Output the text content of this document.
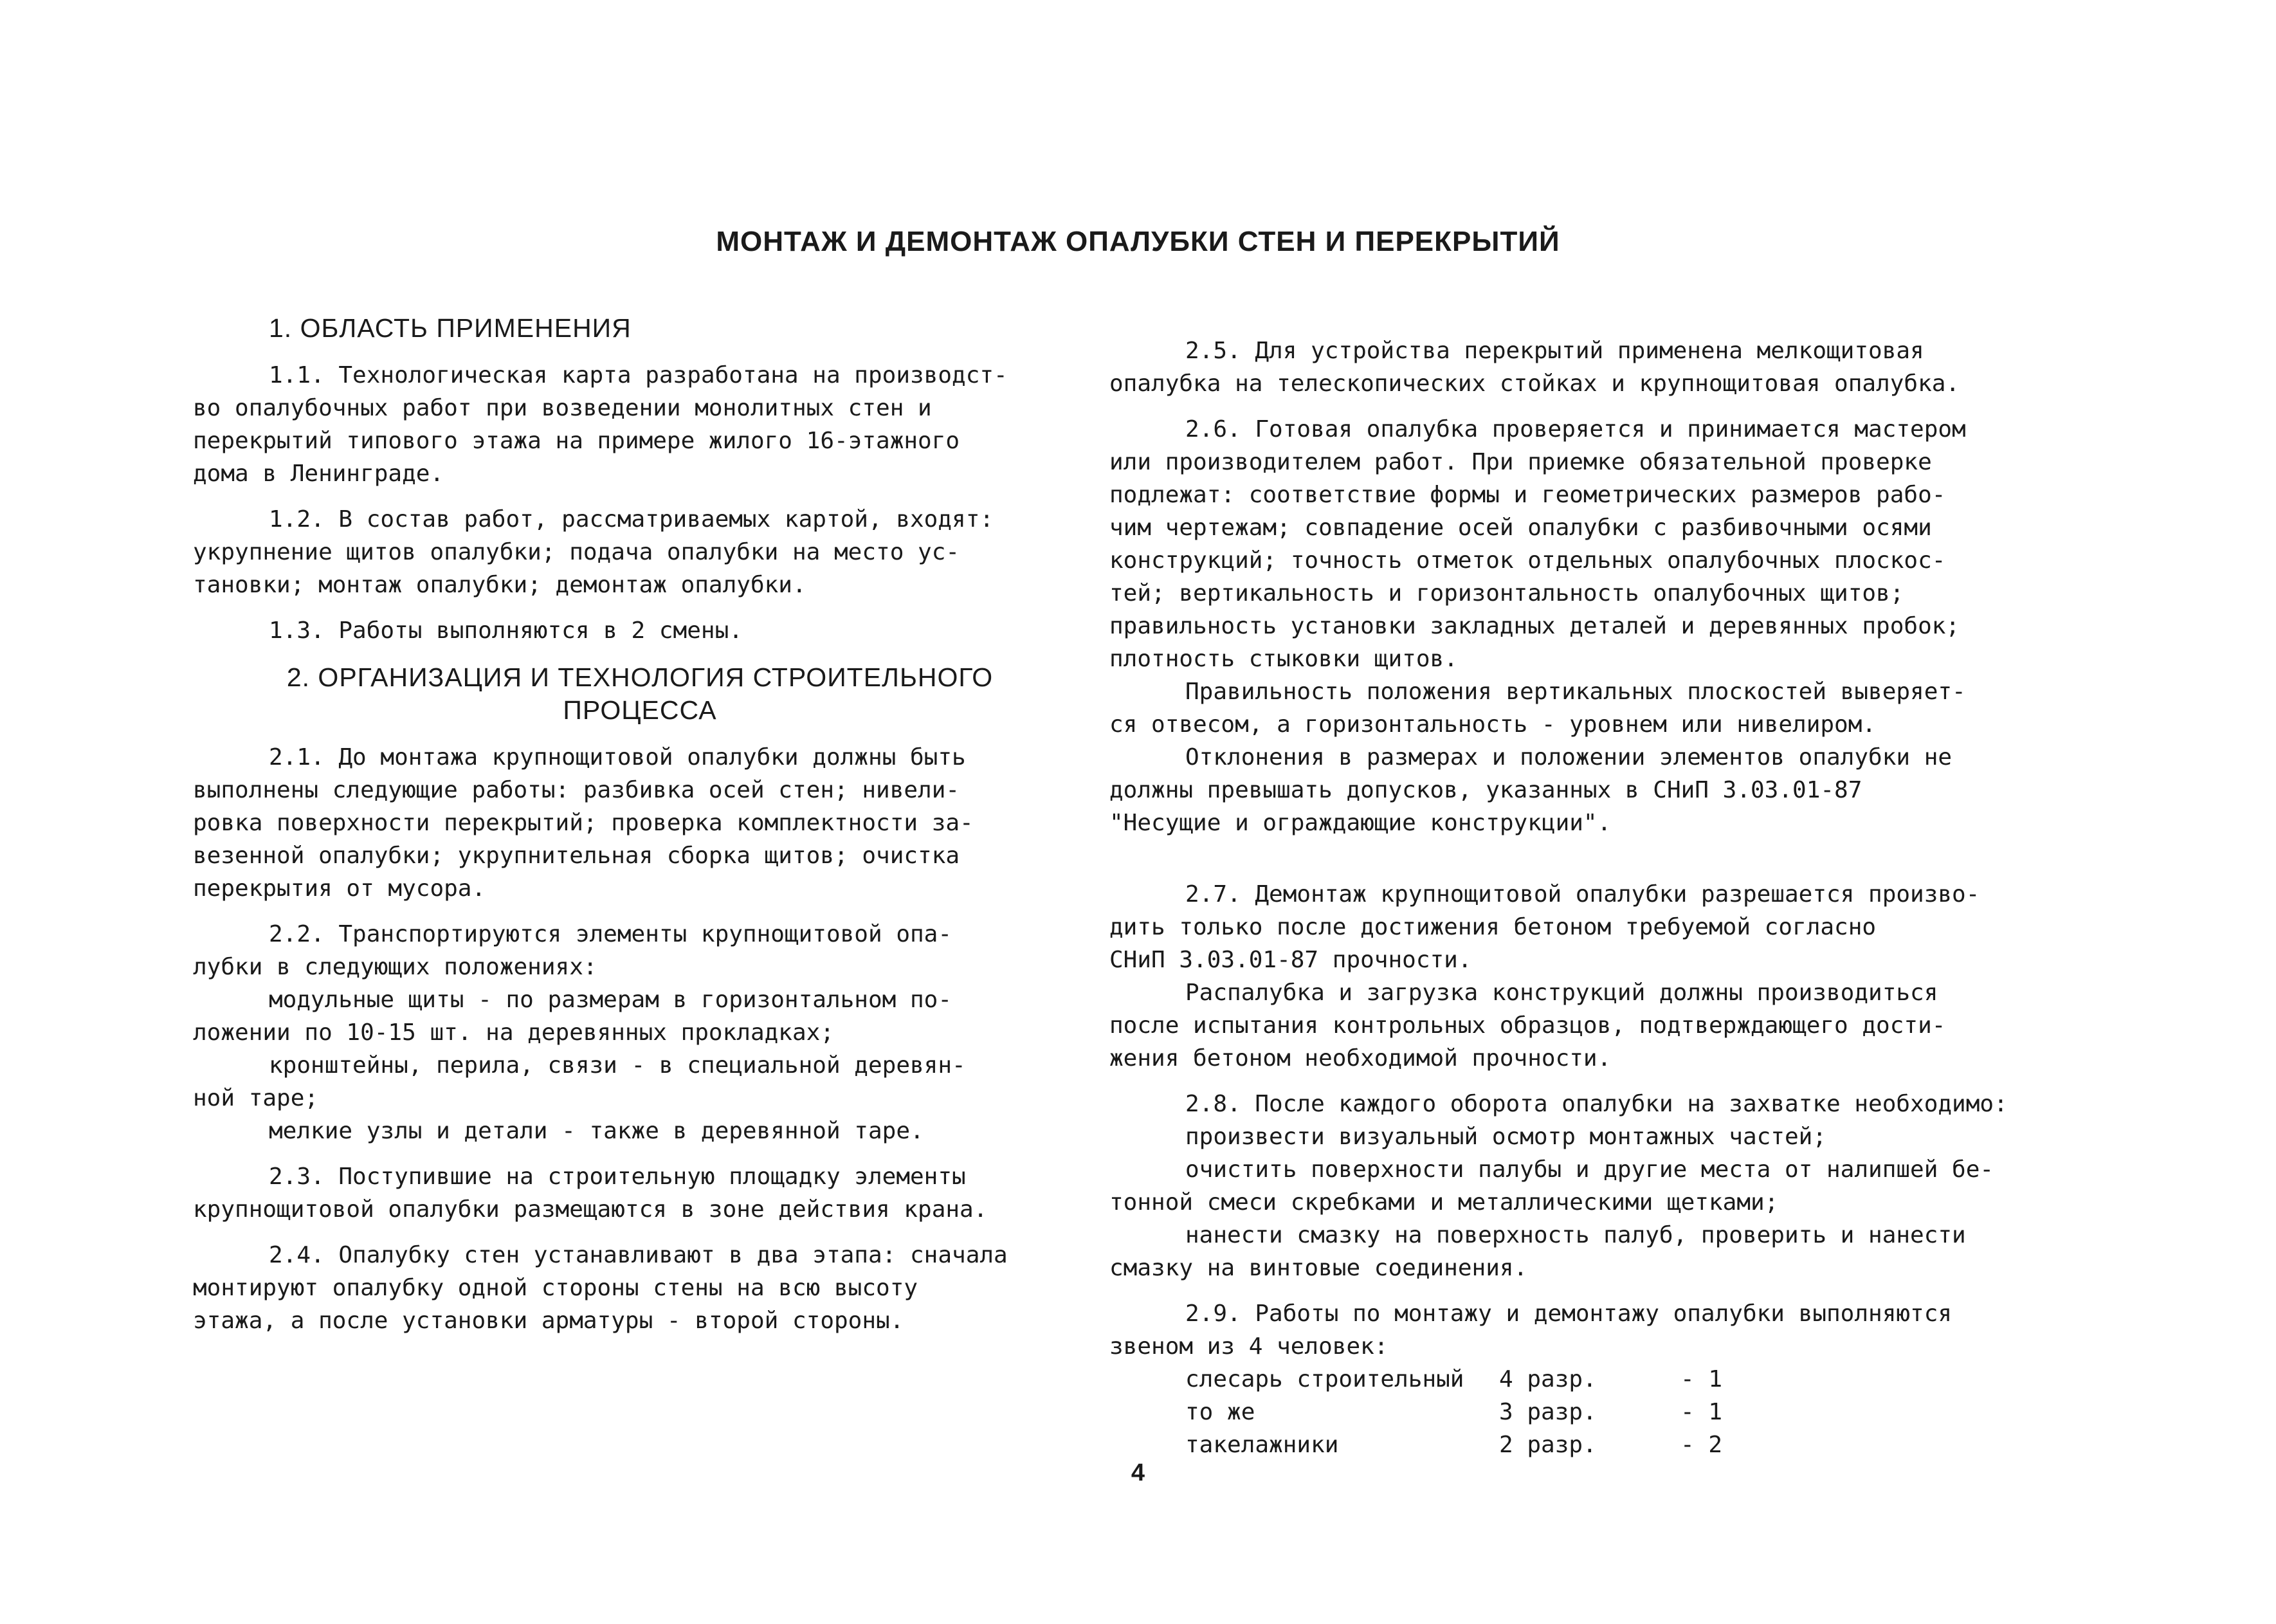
МОНТАЖ И ДЕМОНТАЖ ОПАЛУБКИ СТЕН И ПЕРЕКРЫТИЙ
1. ОБЛАСТЬ ПРИМЕНЕНИЯ

1.1. Технологическая карта разработана на производст-
во опалубочных работ при возведении монолитных стен и
перекрытий типового этажа на примере жилого 16-этажного
дома в Ленинграде.

1.2. В состав работ, рассматриваемых картой, входят:
укрупнение щитов опалубки; подача опалубки на место ус-
тановки; монтаж опалубки; демонтаж опалубки.

1.3. Работы выполняются в 2 смены.

2. ОРГАНИЗАЦИЯ И ТЕХНОЛОГИЯ СТРОИТЕЛЬНОГО
ПРОЦЕССА

2.1. До монтажа крупнощитовой опалубки должны быть
выполнены следующие работы: разбивка осей стен; нивели-
ровка поверхности перекрытий; проверка комплектности за-
везенной опалубки; укрупнительная сборка щитов; очистка
перекрытия от мусора.

2.2. Транспортируются элементы крупнощитовой опа-
лубки в следующих положениях:
модульные щиты - по размерам в горизонтальном по-
ложении по 10-15 шт. на деревянных прокладках;
кронштейны, перила, связи - в специальной деревян-
ной таре;
мелкие узлы и детали - также в деревянной таре.

2.3. Поступившие на строительную площадку элементы
крупнощитовой опалубки размещаются в зоне действия крана.

2.4. Опалубку стен устанавливают в два этапа: сначала
монтируют опалубку одной стороны стены на всю высоту
этажа, а после установки арматуры - второй стороны.

2.5. Для устройства перекрытий применена мелкощитовая
опалубка на телескопических стойках и крупнощитовая опалубка.

2.6. Готовая опалубка проверяется и принимается мастером
или производителем работ. При приемке обязательной проверке
подлежат: соответствие формы и геометрических размеров рабо-
чим чертежам; совпадение осей опалубки с разбивочными осями
конструкций; точность отметок отдельных опалубочных плоскос-
тей; вертикальность и горизонтальность опалубочных щитов;
правильность установки закладных деталей и деревянных пробок;
плотность стыковки щитов.
Правильность положения вертикальных плоскостей выверяет-
ся отвесом, а горизонтальность - уровнем или нивелиром.
Отклонения в размерах и положении элементов опалубки не
должны превышать допусков, указанных в СНиП 3.03.01-87
"Несущие и ограждающие конструкции".

2.7. Демонтаж крупнощитовой опалубки разрешается произво-
дить только после достижения бетоном требуемой согласно
СНиП 3.03.01-87 прочности.
Распалубка и загрузка конструкций должны производиться
после испытания контрольных образцов, подтверждающего дости-
жения бетоном необходимой прочности.

2.8. После каждого оборота опалубки на захватке необходимо:
произвести визуальный осмотр монтажных частей;
очистить поверхности палубы и другие места от налипшей бе-
тонной смеси скребками и металлическими щетками;
нанести смазку на поверхность палуб, проверить и нанести
смазку на винтовые соединения.

2.9. Работы по монтажу и демонтажу опалубки выполняются
звеном из 4 человек:

слесарь строительный	4 разр.	- 1
то же	3 разр.	- 1
такелажники	2 разр.	- 2
4
